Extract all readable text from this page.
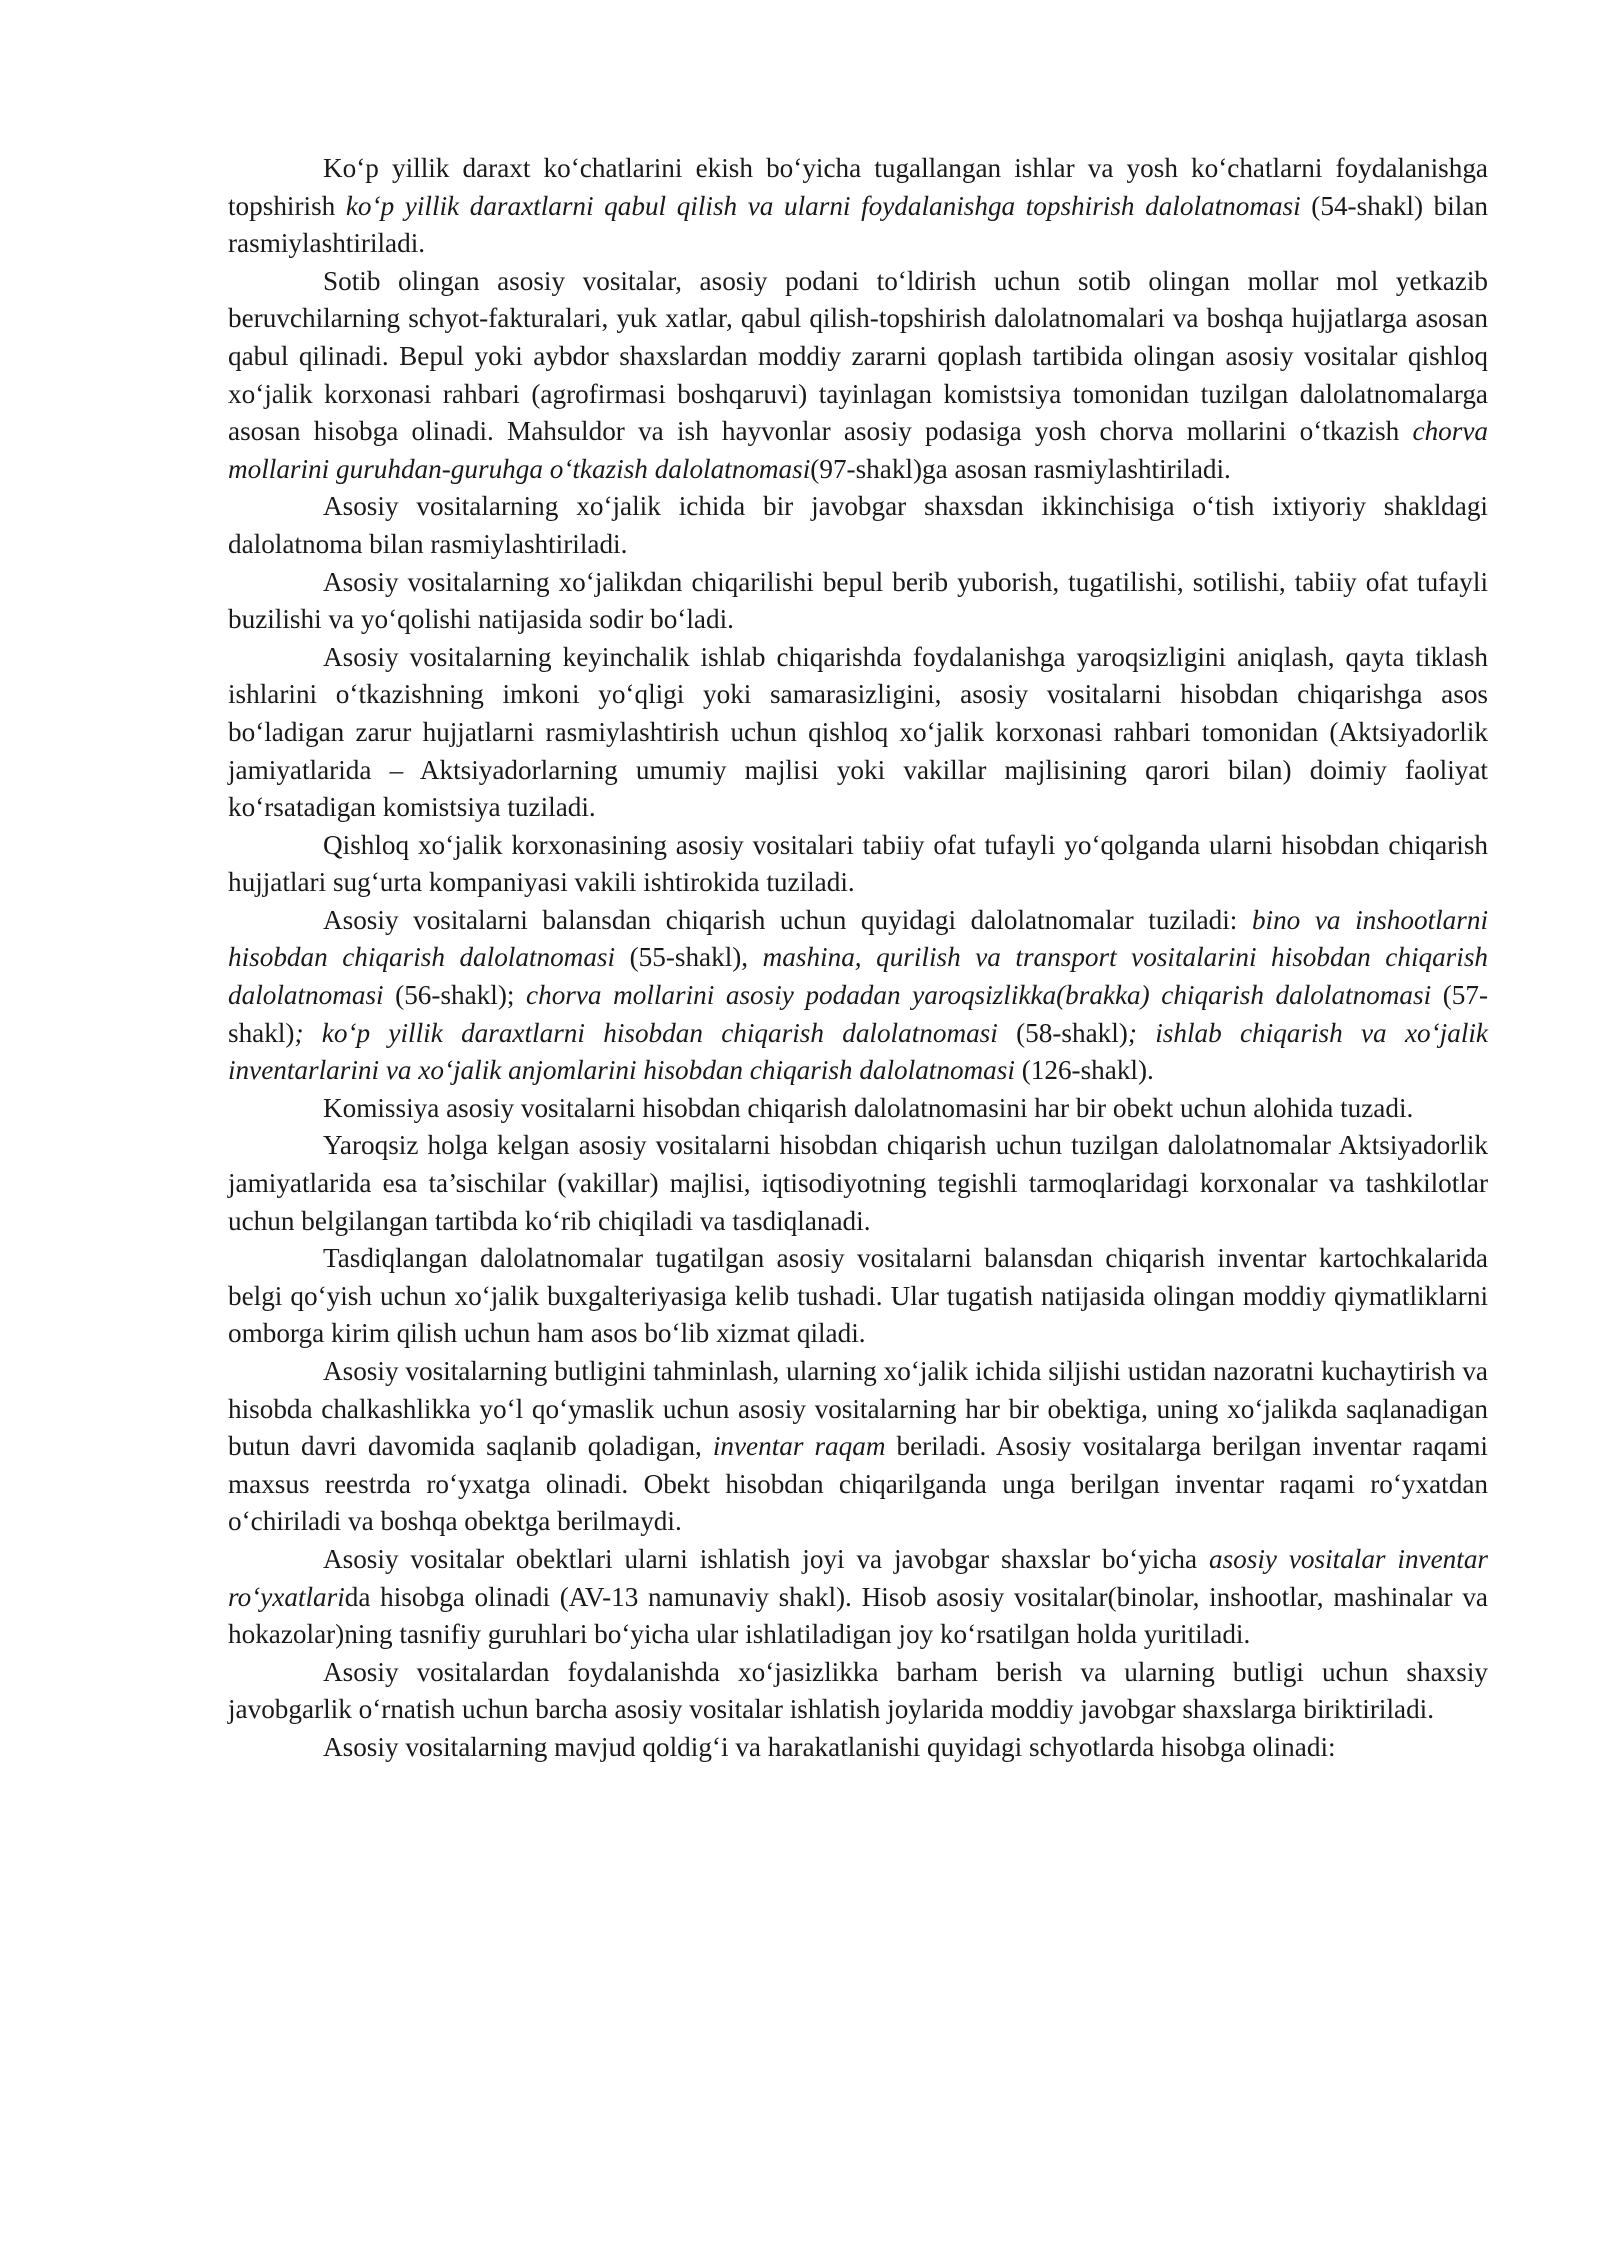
Ko‘p yillik daraxt ko‘chatlarini ekish bo‘yicha tugallangan ishlar va yosh ko‘chatlarni foydalanishga topshirish ko‘p yillik daraxtlarni qabul qilish va ularni foydalanishga topshirish dalolatnomasi (54-shakl) bilan rasmiylashtiriladi.

Sotib olingan asosiy vositalar, asosiy podani to‘ldirish uchun sotib olingan mollar mol yetkazib beruvchilarning schyot-fakturalari, yuk xatlar, qabul qilish-topshirish dalolatnomalari va boshqa hujjatlarga asosan qabul qilinadi. Bepul yoki aybdor shaxslardan moddiy zararni qoplash tartibida olingan asosiy vositalar qishloq xo‘jalik korxonasi rahbari (agrofirmasi boshqaruvi) tayinlagan komistsiya tomonidan tuzilgan dalolatnomalarga asosan hisobga olinadi. Mahsuldor va ish hayvonlar asosiy podasiga yosh chorva mollarini o‘tkazish chorva mollarini guruhdan-guruhga o‘tkazish dalolatnomasi(97-shakl)ga asosan rasmiylashtiriladi.

Asosiy vositalarning xo‘jalik ichida bir javobgar shaxsdan ikkinchisiga o‘tish ixtiyoriy shakldagi dalolatnoma bilan rasmiylashtiriladi.

Asosiy vositalarning xo‘jalikdan chiqarilishi bepul berib yuborish, tugatilishi, sotilishi, tabiiy ofat tufayli buzilishi va yo‘qolishi natijasida sodir bo‘ladi.

Asosiy vositalarning keyinchalik ishlab chiqarishda foydalanishga yaroqsizligini aniqlash, qayta tiklash ishlarini o‘tkazishning imkoni yo‘qligi yoki samarasizligini, asosiy vositalarni hisobdan chiqarishga asos bo‘ladigan zarur hujjatlarni rasmiylashtirish uchun qishloq xo‘jalik korxonasi rahbari tomonidan (Aktsiyadorlik jamiyatlarida – Aktsiyadorlarning umumiy majlisi yoki vakillar majlisining qarori bilan) doimiy faoliyat ko‘rsatadigan komistsiya tuziladi.

Qishloq xo‘jalik korxonasining asosiy vositalari tabiiy ofat tufayli yo‘qolganda ularni hisobdan chiqarish hujjatlari sug‘urta kompaniyasi vakili ishtirokida tuziladi.

Asosiy vositalarni balansdan chiqarish uchun quyidagi dalolatnomalar tuziladi: bino va inshootlarni hisobdan chiqarish dalolatnomasi (55-shakl), mashina, qurilish va transport vositalarini hisobdan chiqarish dalolatnomasi (56-shakl); chorva mollarini asosiy podadan yaroqsizlikka(brakka) chiqarish dalolatnomasi (57-shakl); ko‘p yillik daraxtlarni hisobdan chiqarish dalolatnomasi (58-shakl); ishlab chiqarish va xo‘jalik inventarlarini va xo‘jalik anjomlarini hisobdan chiqarish dalolatnomasi (126-shakl).

Komissiya asosiy vositalarni hisobdan chiqarish dalolatnomasini har bir obekt uchun alohida tuzadi.

Yaroqsiz holga kelgan asosiy vositalarni hisobdan chiqarish uchun tuzilgan dalolatnomalar Aktsiyadorlik jamiyatlarida esa ta’sischilar (vakillar) majlisi, iqtisodiyotning tegishli tarmoqlaridagi korxonalar va tashkilotlar uchun belgilangan tartibda ko‘rib chiqiladi va tasdiqlanadi.

Tasdiqlangan dalolatnomalar tugatilgan asosiy vositalarni balansdan chiqarish inventar kartochkalarida belgi qo‘yish uchun xo‘jalik buxgalteriyasiga kelib tushadi. Ular tugatish natijasida olingan moddiy qiymatliklarni omborga kirim qilish uchun ham asos bo‘lib xizmat qiladi.

Asosiy vositalarning butligini tahminlash, ularning xo‘jalik ichida siljishi ustidan nazoratni kuchaytirish va hisobda chalkashlikka yo‘l qo‘ymaslik uchun asosiy vositalarning har bir obektiga, uning xo‘jalikda saqlanadigan butun davri davomida saqlanib qoladigan, inventar raqam beriladi. Asosiy vositalarga berilgan inventar raqami maxsus reestrda ro‘yxatga olinadi. Obekt hisobdan chiqarilganda unga berilgan inventar raqami ro‘yxatdan o‘chiriladi va boshqa obektga berilmaydi.

Asosiy vositalar obektlari ularni ishlatish joyi va javobgar shaxslar bo‘yicha asosiy vositalar inventar ro‘yxatlarida hisobga olinadi (AV-13 namunaviy shakl). Hisob asosiy vositalar(binolar, inshootlar, mashinalar va hokazolar)ning tasnifiy guruhlari bo‘yicha ular ishlatiladigan joy ko‘rsatilgan holda yuritiladi.

Asosiy vositalardan foydalanishda xo‘jasizlikka barham berish va ularning butligi uchun shaxsiy javobgarlik o‘rnatish uchun barcha asosiy vositalar ishlatish joylarida moddiy javobgar shaxslarga biriktiriladi.

Asosiy vositalarning mavjud qoldig‘i va harakatlanishi quyidagi schyotlarda hisobga olinadi:
